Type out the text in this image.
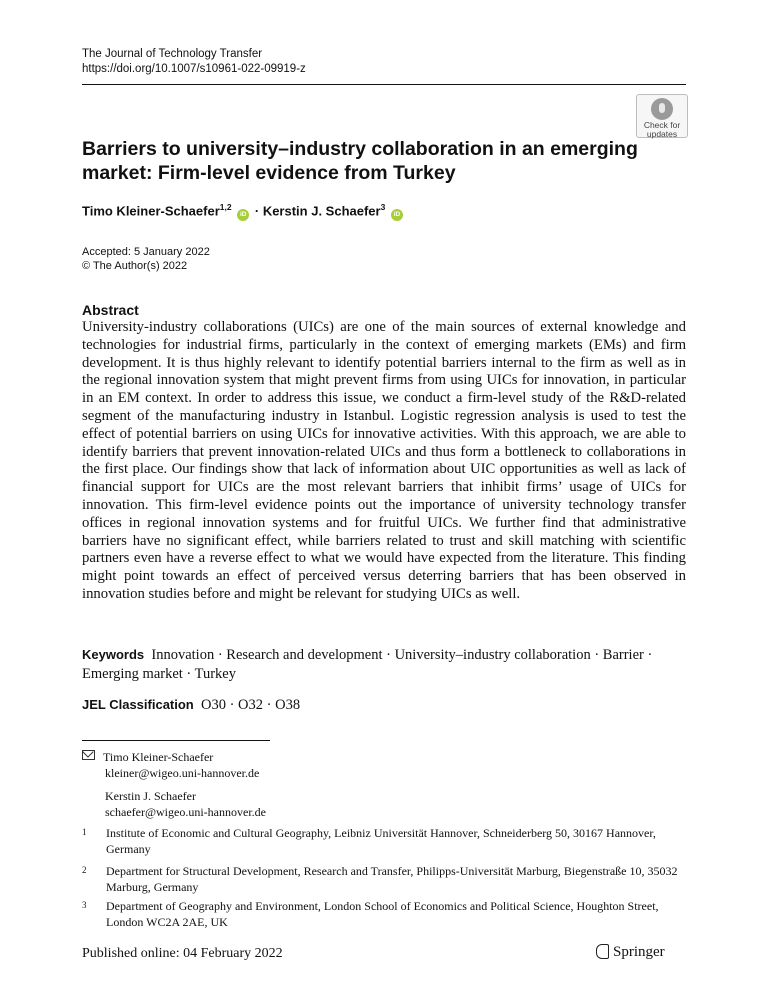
The Journal of Technology Transfer
https://doi.org/10.1007/s10961-022-09919-z
Check for
updates
Barriers to university–industry collaboration in an emerging market: Firm-level evidence from Turkey
Timo Kleiner-Schaefer$^{1,2}$ iD · Kerstin J. Schaefer$^3$ iD
Accepted: 5 January 2022
© The Author(s) 2022
Abstract

University-industry collaborations (UICs) are one of the main sources of external knowledge and technologies for industrial firms, particularly in the context of emerging markets (EMs) and firm development. It is thus highly relevant to identify potential barriers internal to the firm as well as in the regional innovation system that might prevent firms from using UICs for innovation, in particular in an EM context. In order to address this issue, we conduct a firm-level study of the R&D-related segment of the manufacturing industry in Istanbul. Logistic regression analysis is used to test the effect of potential barriers on using UICs for innovative activities. With this approach, we are able to identify barriers that prevent innovation-related UICs and thus form a bottleneck to collaborations in the first place. Our findings show that lack of information about UIC opportunities as well as lack of financial support for UICs are the most relevant barriers that inhibit firms’ usage of UICs for innovation. This firm-level evidence points out the importance of university technology transfer offices in regional innovation systems and for fruitful UICs. We further find that administrative barriers have no significant effect, while barriers related to trust and skill matching with scientific partners even have a reverse effect to what we would have expected from the literature. This finding might point towards an effect of perceived versus deterring barriers that has been observed in innovation studies before and might be relevant for studying UICs as well.

Keywords Innovation · Research and development · University–industry collaboration · Barrier · Emerging market · Turkey

JEL Classification O30 · O32 · O38

Timo Kleiner-Schaefer
kleiner@wigeo.uni-hannover.de
Kerstin J. Schaefer
schaefer@wigeo.uni-hannover.de
1	Institute of Economic and Cultural Geography, Leibniz Universität Hannover, Schneiderberg 50, 30167 Hannover, Germany
2	Department for Structural Development, Research and Transfer, Philipps-Universität Marburg, Biegenstraße 10, 35032 Marburg, Germany
3	Department of Geography and Environment, London School of Economics and Political Science, Houghton Street, London WC2A 2AE, UK
Published online: 04 February 2022	Springer
